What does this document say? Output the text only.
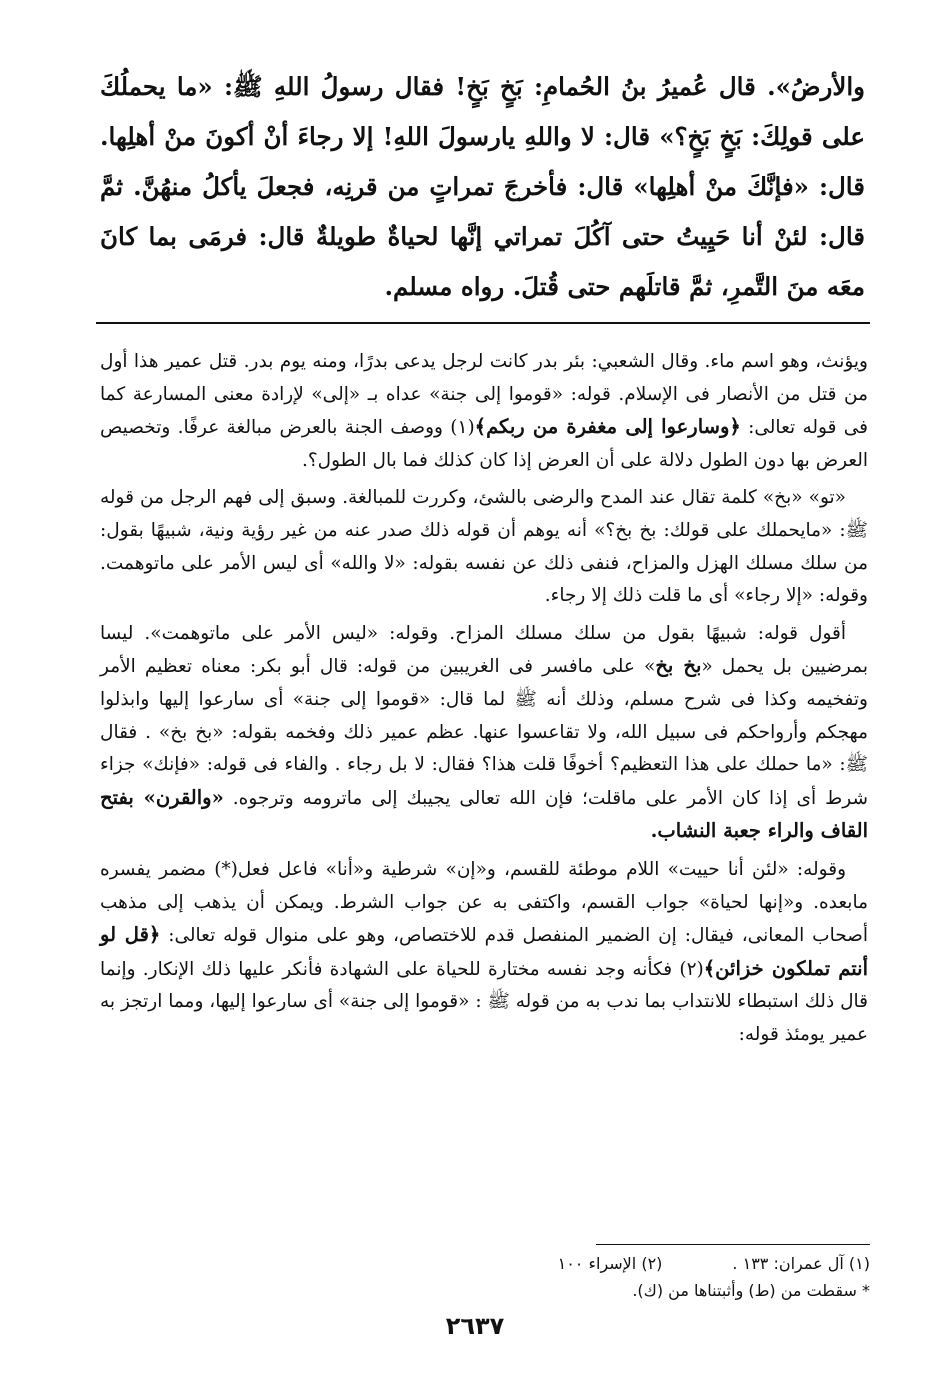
والأرضُ». قال عُميرُ بنُ الحُمامِ: بَخٍ بَخٍ! فقال رسولُ اللهِ ﷺ: «ما يحملُكَ على قولِكَ: بَخٍ بَخٍ؟» قال: لا واللهِ يارسولَ اللهِ! إلا رجاءَ أنْ أكونَ منْ أهلِها. قال: «فإنَّكَ منْ أهلِها» قال: فأخرجَ تمراتٍ من قرنِه، فجعلَ يأكلُ منهُنَّ. ثمَّ قال: لئنْ أنا حَيِيتُ حتى آكُلَ تمراتي إنَّها لحياةٌ طويلةٌ قال: فرمَى بما كانَ معَه منَ التَّمرِ، ثمَّ قاتلَهم حتى قُتلَ. رواه مسلم.

ويؤنث، وهو اسم ماء. وقال الشعبي: بئر بدر كانت لرجل يدعى بدرًا، ومنه يوم بدر. قتل عمير هذا أول من قتل من الأنصار فى الإسلام. قوله: «قوموا إلى جنة» عداه بـ «إلى» لإرادة معنى المسارعة كما فى قوله تعالى: ﴿وسارعوا إلى مغفرة من ربكم﴾(١) ووصف الجنة بالعرض مبالغة عرفًا. وتخصيص العرض بها دون الطول دلالة على أن العرض إذا كان كذلك فما بال الطول؟.

«تو» «بخ» كلمة تقال عند المدح والرضى بالشئ، وكررت للمبالغة. وسبق إلى فهم الرجل من قوله ﷺ: «مايحملك على قولك: بخ بخ؟» أنه يوهم أن قوله ذلك صدر عنه من غير رؤية ونية، شبيهًا بقول: من سلك مسلك الهزل والمزاح، فنفى ذلك عن نفسه بقوله: «لا والله» أى ليس الأمر على ماتوهمت. وقوله: «إلا رجاء» أى ما قلت ذلك إلا رجاء.

أقول قوله: شبيهًا بقول من سلك مسلك المزاح. وقوله: «ليس الأمر على ماتوهمت». ليسا بمرضيين بل يحمل «بخ بخ» على مافسر فى الغريبين من قوله: قال أبو بكر: معناه تعظيم الأمر وتفخيمه وكذا فى شرح مسلم، وذلك أنه ﷺ لما قال: «قوموا إلى جنة» أى سارعوا إليها وابذلوا مهجكم وأرواحكم فى سبيل الله، ولا تقاعسوا عنها. عظم عمير ذلك وفخمه بقوله: «بخ بخ» . فقال ﷺ: «ما حملك على هذا التعظيم؟ أخوفًا قلت هذا؟ فقال: لا بل رجاء . والفاء فى قوله: «فإنك» جزاء شرط أى إذا كان الأمر على ماقلت؛ فإن الله تعالى يجيبك إلى ماترومه وترجوه. «والقرن» بفتح القاف والراء جعبة النشاب.

وقوله: «لئن أنا حييت» اللام موطئة للقسم، و«إن» شرطية و«أنا» فاعل فعل(*) مضمر يفسره مابعده. و«إنها لحياة» جواب القسم، واكتفى به عن جواب الشرط. ويمكن أن يذهب إلى مذهب أصحاب المعانى، فيقال: إن الضمير المنفصل قدم للاختصاص، وهو على منوال قوله تعالى: ﴿قل لو أنتم تملكون خزائن﴾(٢) فكأنه وجد نفسه مختارة للحياة على الشهادة فأنكر عليها ذلك الإنكار. وإنما قال ذلك استبطاء للانتداب بما ندب به من قوله ﷺ : «قوموا إلى جنة» أى سارعوا إليها، ومما ارتجز به عمير يومئذ قوله:

(١) آل عمران: ١٣٣ .(٢) الإسراء ١٠٠
* سقطت من (ط) وأثبتناها من (ك).
٢٦٣٧
